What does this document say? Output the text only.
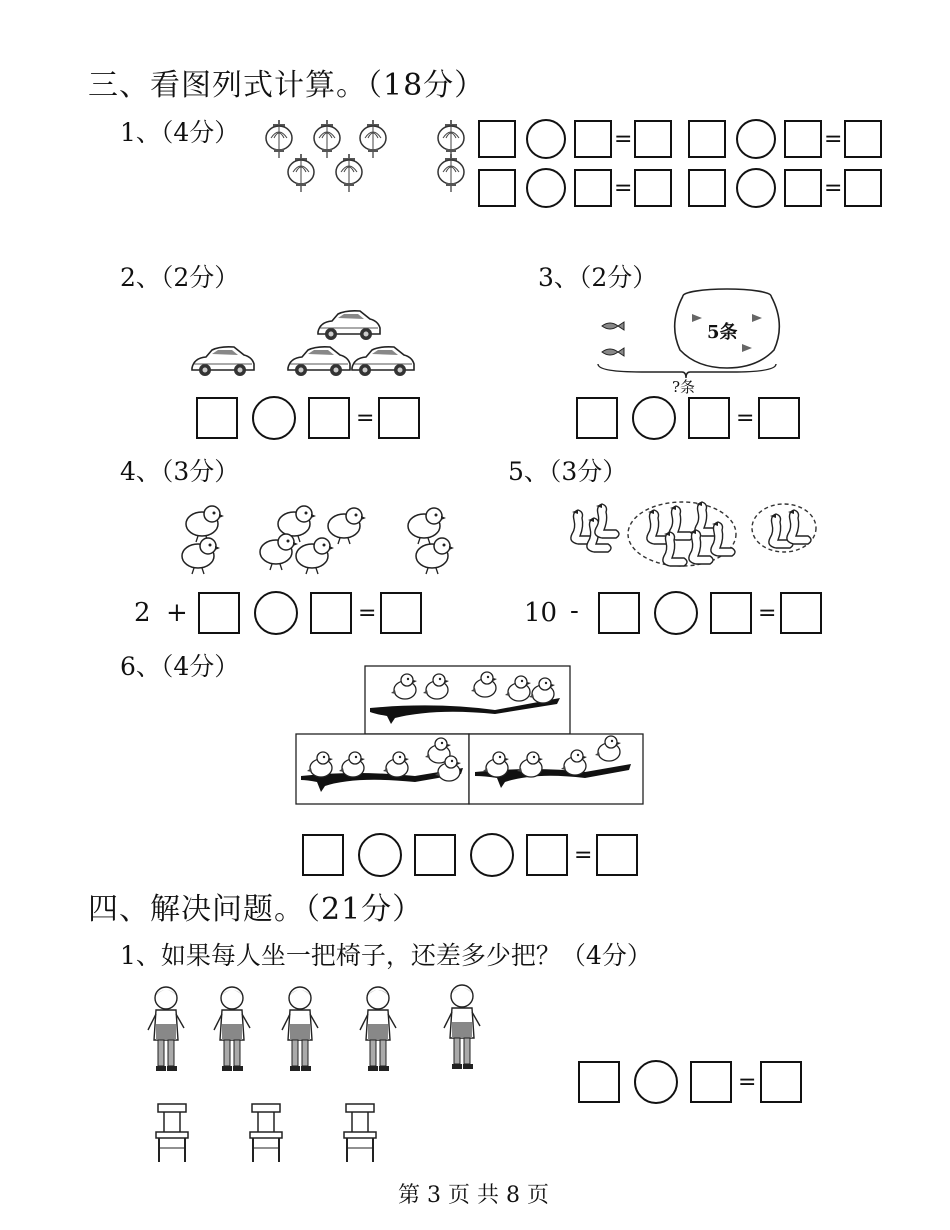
三、看图列式计算。（18分）
1、（4分）	=	=
=	=
2、（2分）
=
3、（2分）
5条
?条
=
4、（3分）
2 +	=
5、（3分）
10 -	=
6、（4分）
=
四、解决问题。（21分）
1、如果每人坐一把椅子，还差多少把？（4分）
=
第 3 页 共 8 页
